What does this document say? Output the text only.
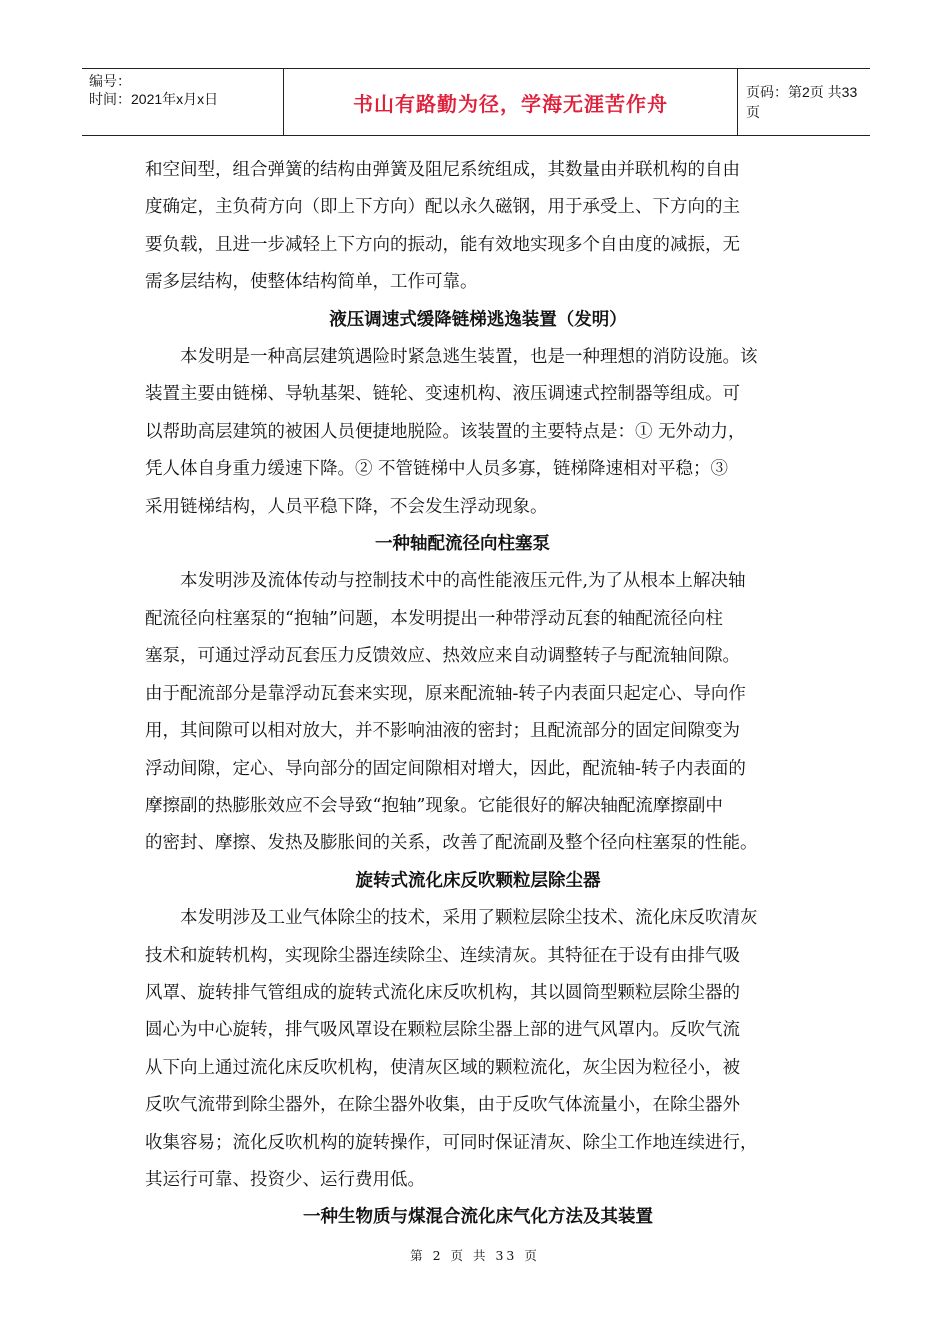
编号：
时间：2021年x月x日	书山有路勤为径，学海无涯苦作舟	页码：第2页 共33页

和空间型，组合弹簧的结构由弹簧及阻尼系统组成，其数量由并联机构的自由

度确定，主负荷方向（即上下方向）配以永久磁钢，用于承受上、下方向的主

要负载，且进一步减轻上下方向的振动，能有效地实现多个自由度的减振，无

需多层结构，使整体结构简单，工作可靠。

液压调速式缓降链梯逃逸装置（发明）

本发明是一种高层建筑遇险时紧急逃生装置，也是一种理想的消防设施。该

装置主要由链梯、导轨基架、链轮、变速机构、液压调速式控制器等组成。可

以帮助高层建筑的被困人员便捷地脱险。该装置的主要特点是：① 无外动力，

凭人体自身重力缓速下降。② 不管链梯中人员多寡，链梯降速相对平稳；③

采用链梯结构，人员平稳下降，不会发生浮动现象。

一种轴配流径向柱塞泵

本发明涉及流体传动与控制技术中的高性能液压元件,为了从根本上解决轴

配流径向柱塞泵的“抱轴”问题，本发明提出一种带浮动瓦套的轴配流径向柱

塞泵，可通过浮动瓦套压力反馈效应、热效应来自动调整转子与配流轴间隙。

由于配流部分是靠浮动瓦套来实现，原来配流轴-转子内表面只起定心、导向作

用，其间隙可以相对放大，并不影响油液的密封；且配流部分的固定间隙变为

浮动间隙，定心、导向部分的固定间隙相对增大，因此，配流轴-转子内表面的

摩擦副的热膨胀效应不会导致“抱轴”现象。它能很好的解决轴配流摩擦副中

的密封、摩擦、发热及膨胀间的关系，改善了配流副及整个径向柱塞泵的性能。

旋转式流化床反吹颗粒层除尘器

本发明涉及工业气体除尘的技术，采用了颗粒层除尘技术、流化床反吹清灰

技术和旋转机构，实现除尘器连续除尘、连续清灰。其特征在于设有由排气吸

风罩、旋转排气管组成的旋转式流化床反吹机构，其以圆筒型颗粒层除尘器的

圆心为中心旋转，排气吸风罩设在颗粒层除尘器上部的进气风罩内。反吹气流

从下向上通过流化床反吹机构，使清灰区域的颗粒流化，灰尘因为粒径小，被

反吹气流带到除尘器外，在除尘器外收集，由于反吹气体流量小，在除尘器外

收集容易；流化反吹机构的旋转操作，可同时保证清灰、除尘工作地连续进行，

其运行可靠、投资少、运行费用低。

一种生物质与煤混合流化床气化方法及其装置
第 2 页 共 33 页
